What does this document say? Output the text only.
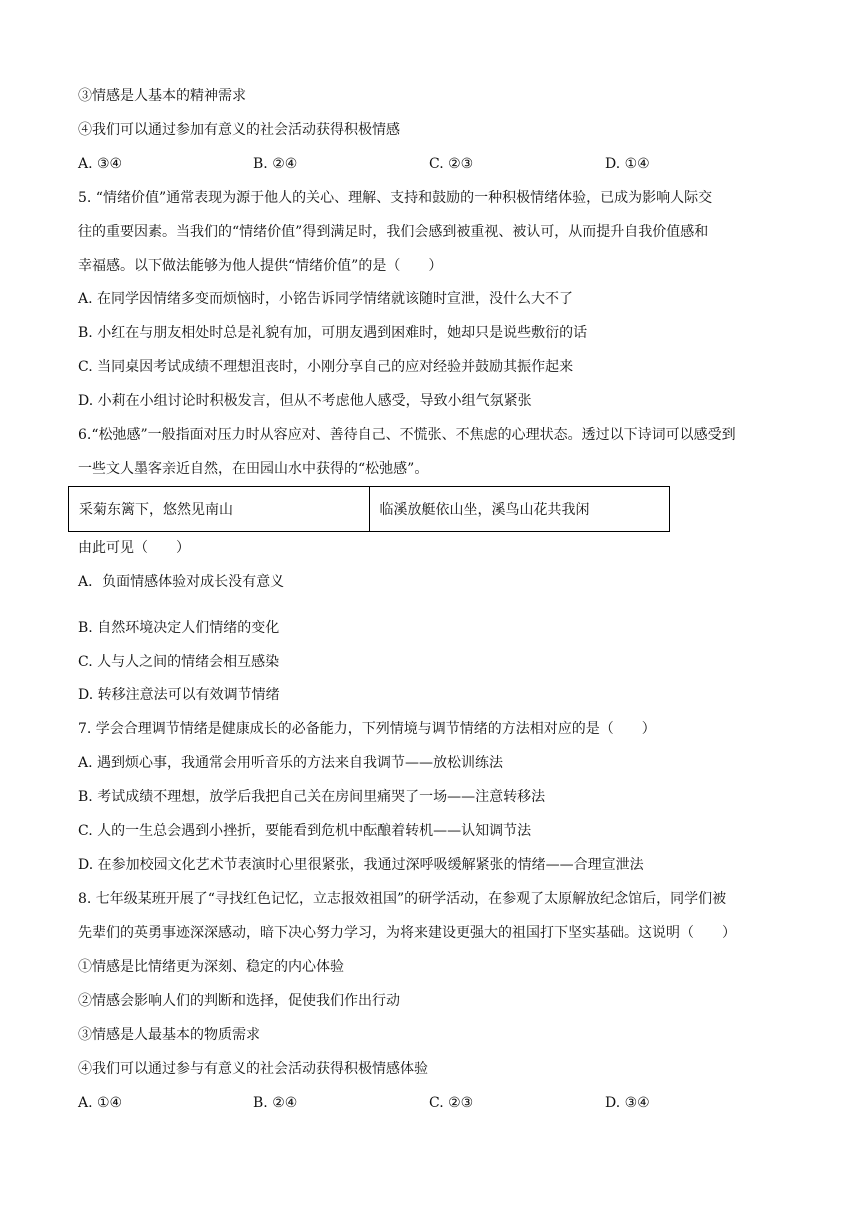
③情感是人基本的精神需求
④我们可以通过参加有意义的社会活动获得积极情感
A. ③④	B. ②④	C. ②③	D. ①④
5. “情绪价值”通常表现为源于他人的关心、理解、支持和鼓励的一种积极情绪体验，已成为影响人际交
往的重要因素。当我们的“情绪价值”得到满足时，我们会感到被重视、被认可，从而提升自我价值感和
幸福感。以下做法能够为他人提供“情绪价值”的是（　　）
A. 在同学因情绪多变而烦恼时，小铭告诉同学情绪就该随时宣泄，没什么大不了
B. 小红在与朋友相处时总是礼貌有加，可朋友遇到困难时，她却只是说些敷衍的话
C. 当同桌因考试成绩不理想沮丧时，小刚分享自己的应对经验并鼓励其振作起来
D. 小莉在小组讨论时积极发言，但从不考虑他人感受，导致小组气氛紧张
6.“松弛感”一般指面对压力时从容应对、善待自己、不慌张、不焦虑的心理状态。透过以下诗词可以感受到
一些文人墨客亲近自然，在田园山水中获得的“松弛感”。
采菊东篱下，悠然见南山	临溪放艇依山坐，溪鸟山花共我闲
由此可见（　　）
A．负面情感体验对成长没有意义
B. 自然环境决定人们情绪的变化
C. 人与人之间的情绪会相互感染
D. 转移注意法可以有效调节情绪
7. 学会合理调节情绪是健康成长的必备能力，下列情境与调节情绪的方法相对应的是（　　）
A. 遇到烦心事，我通常会用听音乐的方法来自我调节——放松训练法
B. 考试成绩不理想，放学后我把自己关在房间里痛哭了一场——注意转移法
C. 人的一生总会遇到小挫折，要能看到危机中酝酿着转机——认知调节法
D. 在参加校园文化艺术节表演时心里很紧张，我通过深呼吸缓解紧张的情绪——合理宣泄法
8. 七年级某班开展了“寻找红色记忆，立志报效祖国”的研学活动，在参观了太原解放纪念馆后，同学们被
先辈们的英勇事迹深深感动，暗下决心努力学习，为将来建设更强大的祖国打下坚实基础。这说明（　　）
①情感是比情绪更为深刻、稳定的内心体验
②情感会影响人们的判断和选择，促使我们作出行动
③情感是人最基本的物质需求
④我们可以通过参与有意义的社会活动获得积极情感体验
A. ①④	B. ②④	C. ②③	D. ③④
